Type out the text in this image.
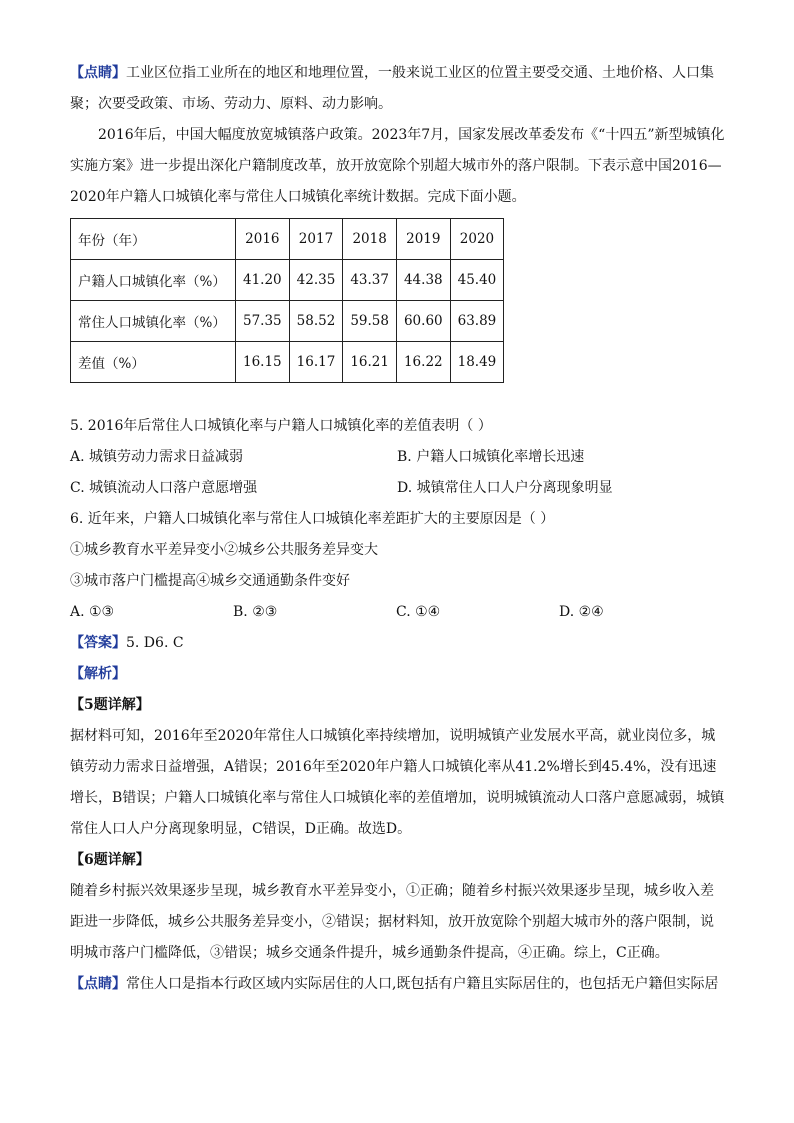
【点睛】工业区位指工业所在的地区和地理位置，一般来说工业区的位置主要受交通、土地价格、人口集聚；次要受政策、市场、劳动力、原料、动力影响。

2016年后，中国大幅度放宽城镇落户政策。2023年7月，国家发展改革委发布《“十四五”新型城镇化实施方案》进一步提出深化户籍制度改革，放开放宽除个别超大城市外的落户限制。下表示意中国2016—2020年户籍人口城镇化率与常住人口城镇化率统计数据。完成下面小题。

年份（年）	2016	2017	2018	2019	2020
户籍人口城镇化率（%）	41.20	42.35	43.37	44.38	45.40
常住人口城镇化率（%）	57.35	58.52	59.58	60.60	63.89
差值（%）	16.15	16.17	16.21	16.22	18.49

5. 2016年后常住人口城镇化率与户籍人口城镇化率的差值表明（ ）

A. 城镇劳动力需求日益减弱	B. 户籍人口城镇化率增长迅速
C. 城镇流动人口落户意愿增强	D. 城镇常住人口人户分离现象明显

6. 近年来，户籍人口城镇化率与常住人口城镇化率差距扩大的主要原因是（ ）

①城乡教育水平差异变小②城乡公共服务差异变大

③城市落户门槛提高④城乡交通通勤条件变好

A. ①③	B. ②③	C. ①④	D. ②④

【答案】5. D6. C

【解析】

【5题详解】

据材料可知，2016年至2020年常住人口城镇化率持续增加，说明城镇产业发展水平高，就业岗位多，城镇劳动力需求日益增强，A错误；2016年至2020年户籍人口城镇化率从41.2%增长到45.4%，没有迅速增长，B错误；户籍人口城镇化率与常住人口城镇化率的差值增加，说明城镇流动人口落户意愿减弱，城镇常住人口人户分离现象明显，C错误，D正确。故选D。

【6题详解】

随着乡村振兴效果逐步呈现，城乡教育水平差异变小，①正确；随着乡村振兴效果逐步呈现，城乡收入差距进一步降低，城乡公共服务差异变小，②错误；据材料知，放开放宽除个别超大城市外的落户限制，说明城市落户门槛降低，③错误；城乡交通条件提升，城乡通勤条件提高，④正确。综上，C正确。

【点睛】常住人口是指本行政区域内实际居住的人口,既包括有户籍且实际居住的，也包括无户籍但实际居
